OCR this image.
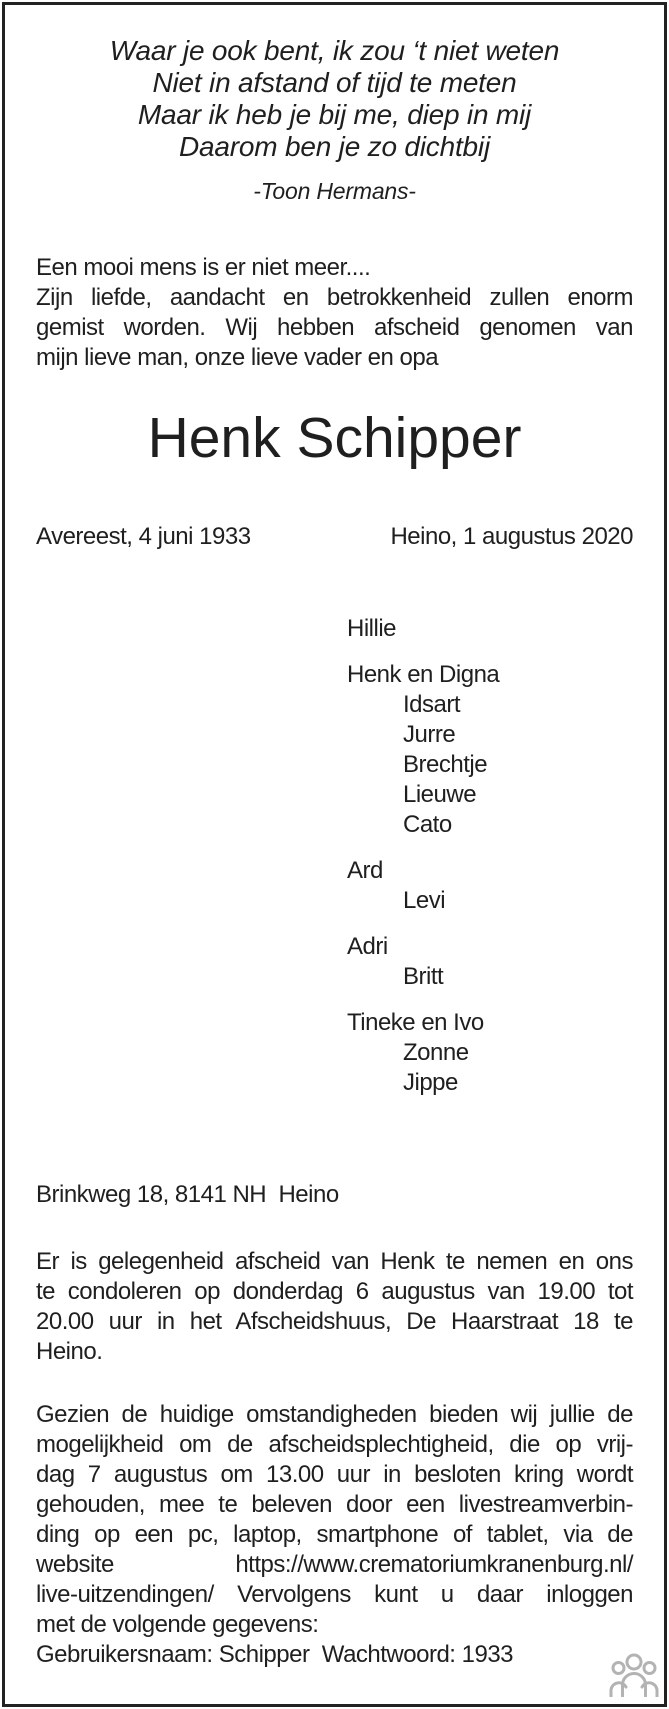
Waar je ook bent, ik zou ‘t niet weten
Niet in afstand of tijd te meten
Maar ik heb je bij me, diep in mij
Daarom ben je zo dichtbij
-Toon Hermans-
Een mooi mens is er niet meer....
Zijn liefde, aandacht en betrokkenheid zullen enorm
gemist worden. Wij hebben afscheid genomen van
mijn lieve man, onze lieve vader en opa
Henk Schipper
Avereest, 4 juni 1933	Heino, 1 augustus 2020
Hillie
Henk en Digna
Idsart
Jurre
Brechtje
Lieuwe
Cato
Ard
Levi
Adri
Britt
Tineke en Ivo
Zonne
Jippe
Brinkweg 18, 8141 NH  Heino
Er is gelegenheid afscheid van Henk te nemen en ons
te condoleren op donderdag 6 augustus van 19.00 tot
20.00 uur in het Afscheidshuus, De Haarstraat 18 te
Heino.
Gezien de huidige omstandigheden bieden wij jullie de
mogelijkheid om de afscheidsplechtigheid, die op vrij-
dag 7 augustus om 13.00 uur in besloten kring wordt
gehouden, mee te beleven door een livestreamverbin-
ding op een pc, laptop, smartphone of tablet, via de
website https://www.crematoriumkranenburg.nl/
live-uitzendingen/ Vervolgens kunt u daar inloggen
met de volgende gegevens:
Gebruikersnaam: Schipper  Wachtwoord: 1933
